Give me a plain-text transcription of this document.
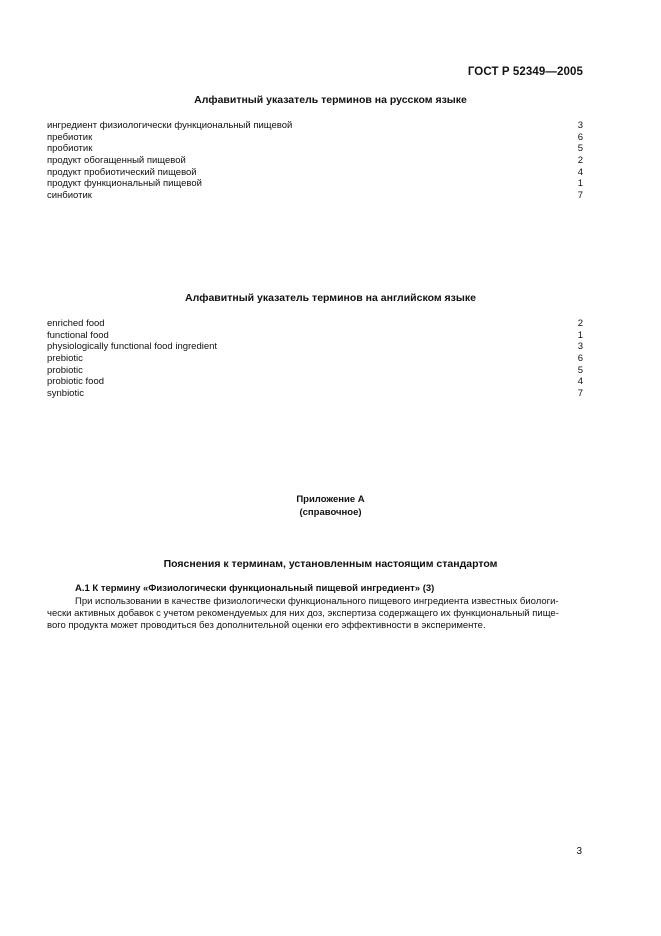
ГОСТ Р 52349—2005
Алфавитный указатель терминов на русском языке
ингредиент физиологически функциональный пищевой	3
пребиотик	6
пробиотик	5
продукт обогащенный пищевой	2
продукт пробиотический пищевой	4
продукт функциональный пищевой	1
синбиотик	7
Алфавитный указатель терминов на английском языке
enriched food	2
functional food	1
physiologically functional food ingredient	3
prebiotic	6
probiotic	5
probiotic food	4
synbiotic	7
Приложение А
(справочное)
Пояснения к терминам, установленным настоящим стандартом
А.1 К термину «Физиологически функциональный пищевой ингредиент» (3)
При использовании в качестве физиологически функционального пищевого ингредиента известных биологи-
чески активных добавок с учетом рекомендуемых для них доз, экспертиза содержащего их функциональный пище-
вого продукта может проводиться без дополнительной оценки его эффективности в эксперименте.
3
